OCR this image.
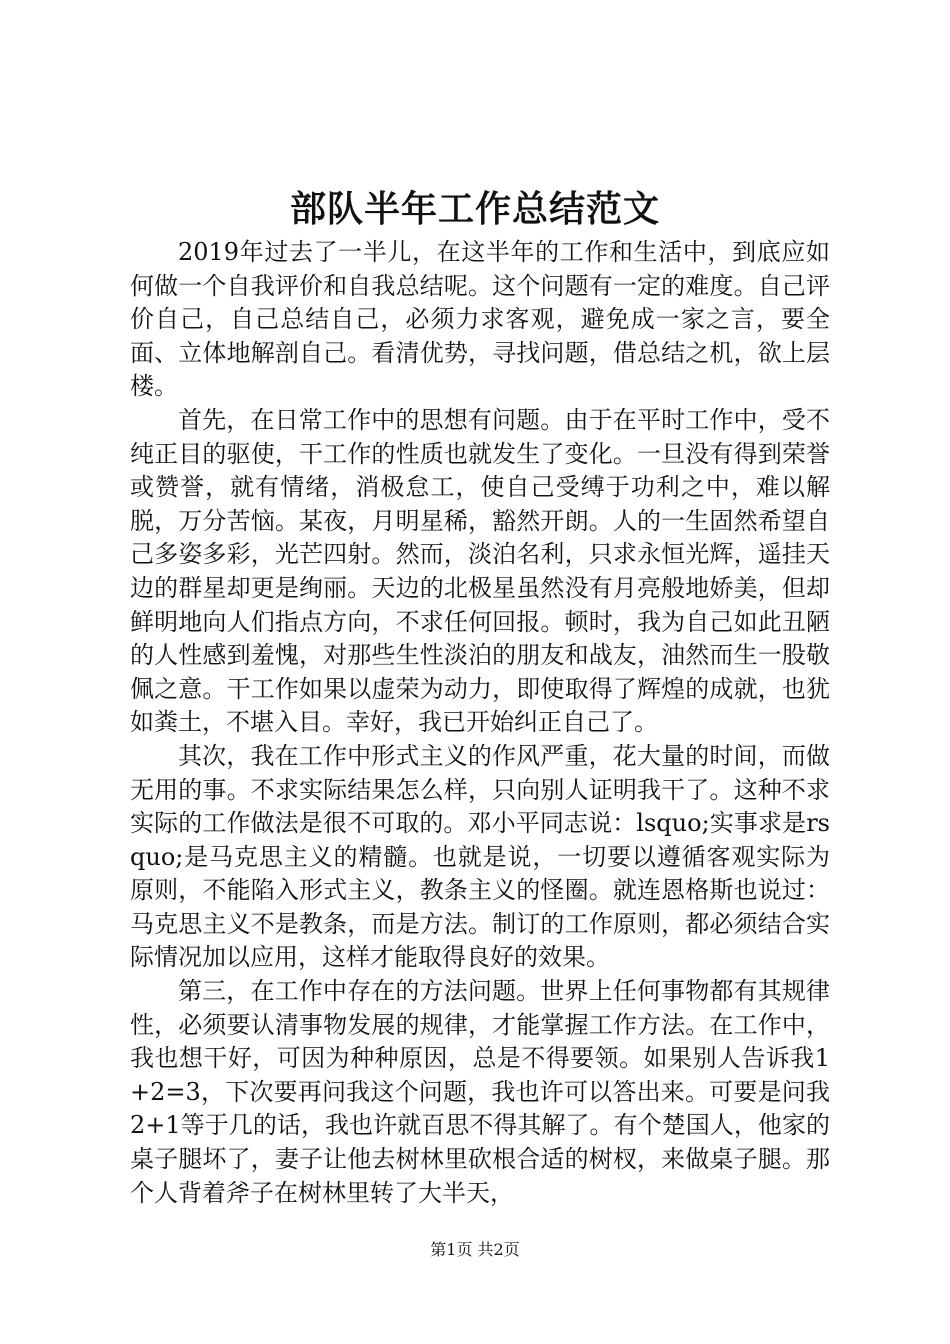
部队半年工作总结范文

2019年过去了一半儿，在这半年的工作和生活中，到底应如何做一个自我评价和自我总结呢。这个问题有一定的难度。自己评价自己，自己总结自己，必须力求客观，避免成一家之言，要全面、立体地解剖自己。看清优势，寻找问题，借总结之机，欲上层楼。

首先，在日常工作中的思想有问题。由于在平时工作中，受不纯正目的驱使，干工作的性质也就发生了变化。一旦没有得到荣誉或赞誉，就有情绪，消极怠工，使自己受缚于功利之中，难以解脱，万分苦恼。某夜，月明星稀，豁然开朗。人的一生固然希望自己多姿多彩，光芒四射。然而，淡泊名利，只求永恒光辉，遥挂天边的群星却更是绚丽。天边的北极星虽然没有月亮般地娇美，但却鲜明地向人们指点方向，不求任何回报。顿时，我为自己如此丑陋的人性感到羞愧，对那些生性淡泊的朋友和战友，油然而生一股敬佩之意。干工作如果以虚荣为动力，即使取得了辉煌的成就，也犹如粪土，不堪入目。幸好，我已开始纠正自己了。

其次，我在工作中形式主义的作风严重，花大量的时间，而做无用的事。不求实际结果怎么样，只向别人证明我干了。这种不求实际的工作做法是很不可取的。邓小平同志说：lsquo;实事求是rsquo;是马克思主义的精髓。也就是说，一切要以遵循客观实际为原则，不能陷入形式主义，教条主义的怪圈。就连恩格斯也说过：马克思主义不是教条，而是方法。制订的工作原则，都必须结合实际情况加以应用，这样才能取得良好的效果。

第三，在工作中存在的方法问题。世界上任何事物都有其规律性，必须要认清事物发展的规律，才能掌握工作方法。在工作中，我也想干好，可因为种种原因，总是不得要领。如果别人告诉我1+2=3，下次要再问我这个问题，我也许可以答出来。可要是问我2+1等于几的话，我也许就百思不得其解了。有个楚国人，他家的桌子腿坏了，妻子让他去树林里砍根合适的树杈，来做桌子腿。那个人背着斧子在树林里转了大半天，

第1页 共2页
